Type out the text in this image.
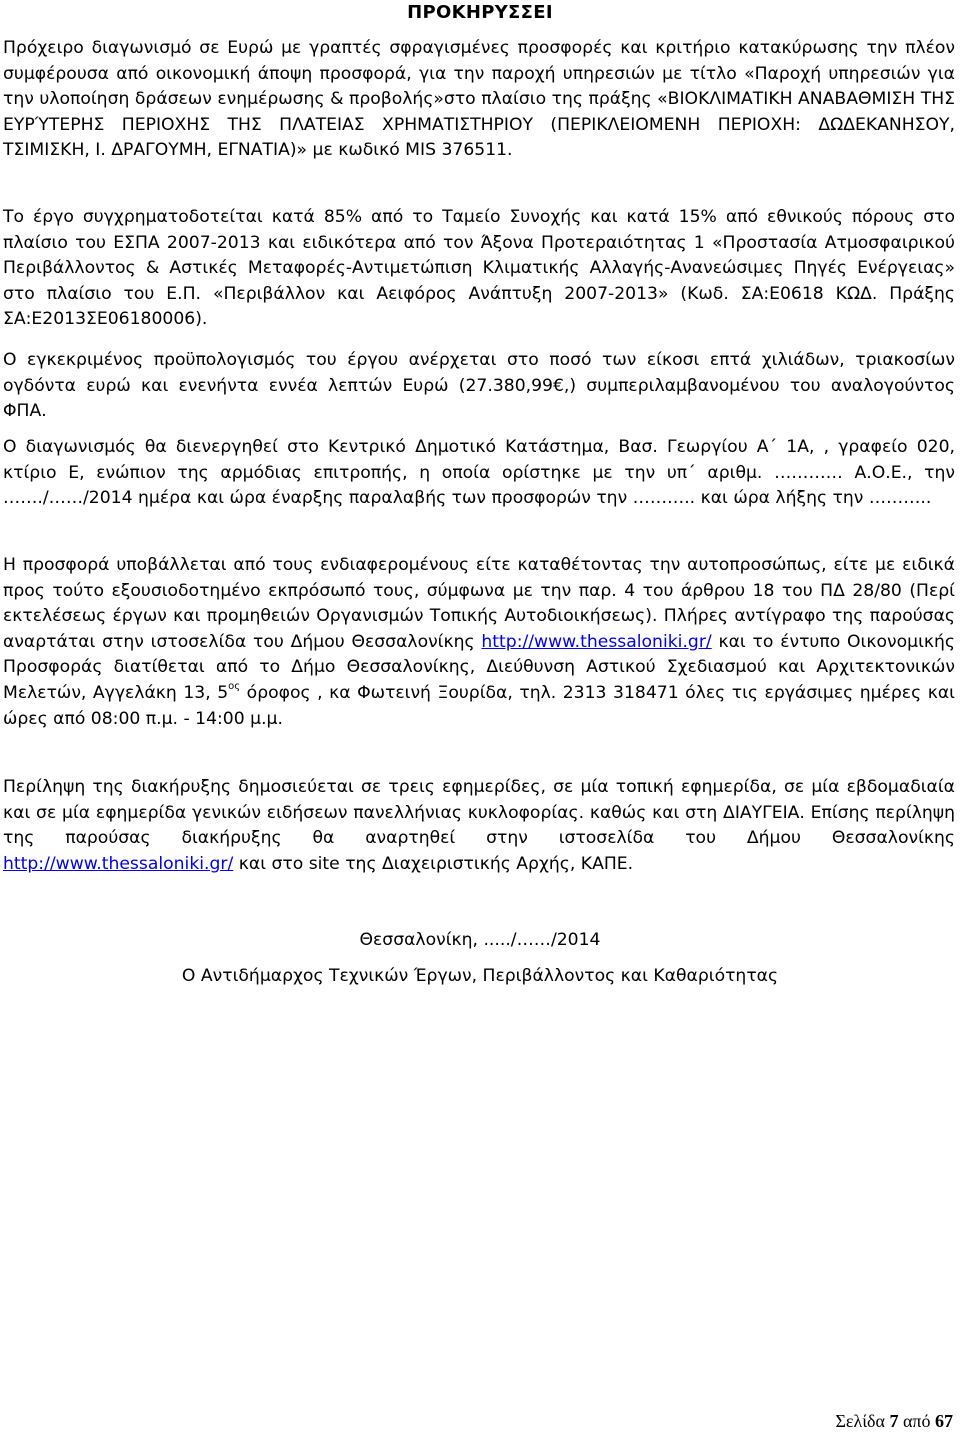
ΠΡΟΚΗΡΥΣΣΕΙ

Πρόχειρο διαγωνισμό σε Ευρώ με γραπτές σφραγισμένες προσφορές και κριτήριο κατακύρωσης την πλέον συμφέρουσα από οικονομική άποψη προσφορά, για την παροχή υπηρεσιών με τίτλο «Παροχή υπηρεσιών για την υλοποίηση δράσεων ενημέρωσης & προβολής»στο πλαίσιο της πράξης «ΒΙΟΚΛΙΜΑΤΙΚΗ ΑΝΑΒΑΘΜΙΣΗ ΤΗΣ ΕΥΡΎΤΕΡΗΣ ΠΕΡΙΟΧΗΣ ΤΗΣ ΠΛΑΤΕΙΑΣ ΧΡΗΜΑΤΙΣΤΗΡΙΟΥ (ΠΕΡΙΚΛΕΙΟΜΕΝΗ ΠΕΡΙΟΧΗ: ΔΩΔΕΚΑΝΗΣΟΥ, ΤΣΙΜΙΣΚΗ, Ι. ΔΡΑΓΟΥΜΗ, ΕΓΝΑΤΙΑ)» με κωδικό MIS 376511.

Το έργο συγχρηματοδοτείται κατά 85% από το Ταμείο Συνοχής και κατά 15% από εθνικούς πόρους στο πλαίσιο του ΕΣΠΑ 2007-2013 και ειδικότερα από τον Άξονα Προτεραιότητας 1 «Προστασία Ατμοσφαιρικού Περιβάλλοντος & Αστικές Μεταφορές-Αντιμετώπιση Κλιματικής Αλλαγής-Ανανεώσιμες Πηγές Ενέργειας» στο πλαίσιο του Ε.Π. «Περιβάλλον και Αειφόρος Ανάπτυξη 2007-2013» (Κωδ. ΣΑ:Ε0618 ΚΩΔ. Πράξης ΣΑ:Ε2013ΣΕ06180006).

Ο εγκεκριμένος προϋπολογισμός του έργου ανέρχεται στο ποσό των είκοσι επτά χιλιάδων, τριακοσίων ογδόντα ευρώ και ενενήντα εννέα λεπτών Ευρώ (27.380,99€,) συμπεριλαμβανομένου του αναλογούντος ΦΠΑ.

Ο διαγωνισμός θα διενεργηθεί στο Κεντρικό Δημοτικό Κατάστημα, Βασ. Γεωργίου Α΄ 1Α, , γραφείο 020, κτίριο Ε, ενώπιον της αρμόδιας επιτροπής, η οποία ορίστηκε με την υπ΄ αριθμ. ………… Α.Ο.Ε., την ……./……/2014 ημέρα και ώρα έναρξης παραλαβής των προσφορών την ……….. και ώρα λήξης την ………..

Η προσφορά υποβάλλεται από τους ενδιαφερομένους είτε καταθέτοντας την αυτοπροσώπως, είτε με ειδικά προς τούτο εξουσιοδοτημένο εκπρόσωπό τους, σύμφωνα με την παρ. 4 του άρθρου 18 του ΠΔ 28/80 (Περί εκτελέσεως έργων και προμηθειών Οργανισμών Τοπικής Αυτοδιοικήσεως). Πλήρες αντίγραφο της παρούσας αναρτάται στην ιστοσελίδα του Δήμου Θεσσαλονίκης http://www.thessaloniki.gr/ και το έντυπο Οικονομικής Προσφοράς διατίθεται από το Δήμο Θεσσαλονίκης, Διεύθυνση Αστικού Σχεδιασμού και Αρχιτεκτονικών Μελετών, Αγγελάκη 13, $5^{o\varsigma}$ όροφος , κα Φωτεινή Ξουρίδα, τηλ. 2313 318471 όλες τις εργάσιμες ημέρες και ώρες από 08:00 π.μ. - 14:00 μ.μ.

Περίληψη της διακήρυξης δημοσιεύεται σε τρεις εφημερίδες, σε μία τοπική εφημερίδα, σε μία εβδομαδιαία και σε μία εφημερίδα γενικών ειδήσεων πανελλήνιας κυκλοφορίας. καθώς και στη ΔΙΑΥΓΕΙΑ. Επίσης περίληψη της παρούσας διακήρυξης θα αναρτηθεί στην ιστοσελίδα του Δήμου Θεσσαλονίκης http://www.thessaloniki.gr/ και στο site της Διαχειριστικής Αρχής, ΚΑΠΕ.

Θεσσαλονίκη, ...../……/2014
Ο Αντιδήμαρχος Τεχνικών Έργων, Περιβάλλοντος και Καθαριότητας
Σελίδα 7 από 67
